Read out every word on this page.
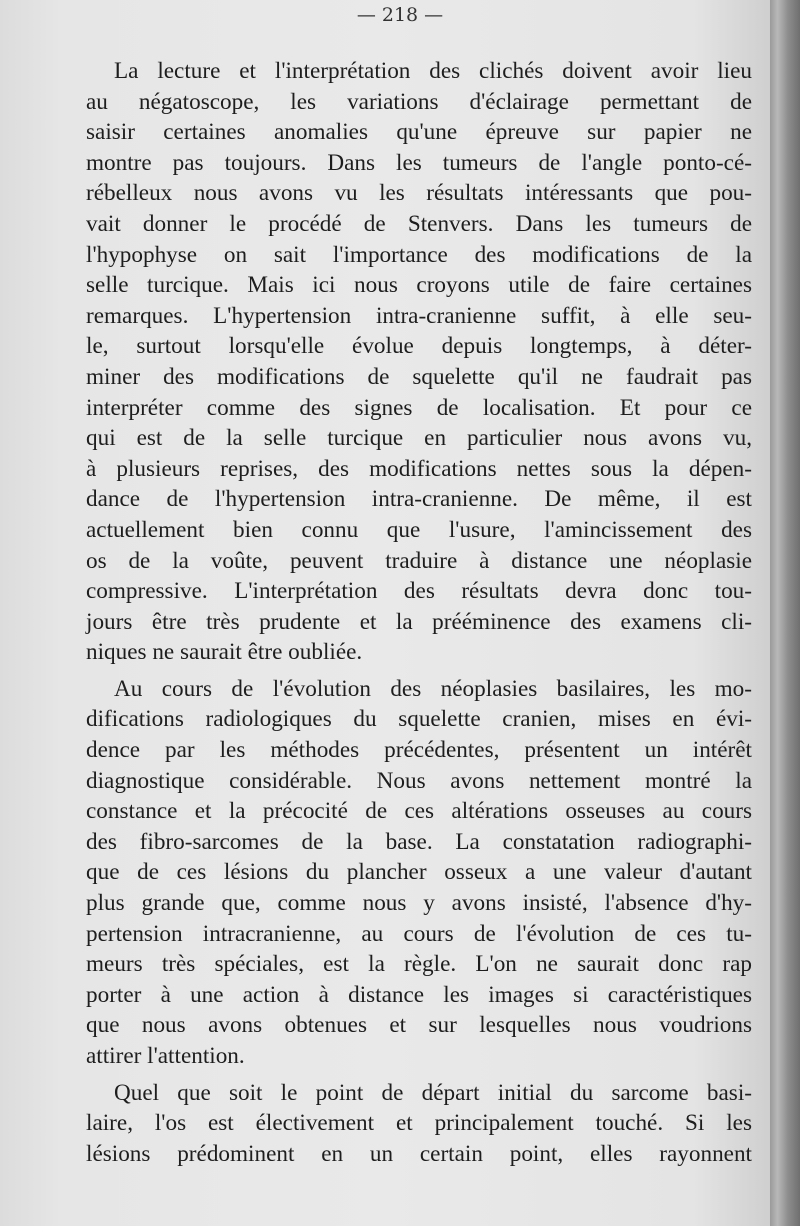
— 218 —

La lecture et l'interprétation des clichés doivent avoir lieu
au négatoscope, les variations d'éclairage permettant de
saisir certaines anomalies qu'une épreuve sur papier ne
montre pas toujours. Dans les tumeurs de l'angle ponto-cé-
rébelleux nous avons vu les résultats intéressants que pou-
vait donner le procédé de Stenvers. Dans les tumeurs de
l'hypophyse on sait l'importance des modifications de la
selle turcique. Mais ici nous croyons utile de faire certaines
remarques. L'hypertension intra-cranienne suffit, à elle seu-
le, surtout lorsqu'elle évolue depuis longtemps, à déter-
miner des modifications de squelette qu'il ne faudrait pas
interpréter comme des signes de localisation. Et pour ce
qui est de la selle turcique en particulier nous avons vu,
à plusieurs reprises, des modifications nettes sous la dépen-
dance de l'hypertension intra-cranienne. De même, il est
actuellement bien connu que l'usure, l'amincissement des
os de la voûte, peuvent traduire à distance une néoplasie
compressive. L'interprétation des résultats devra donc tou-
jours être très prudente et la prééminence des examens cli-
niques ne saurait être oubliée.
Au cours de l'évolution des néoplasies basilaires, les mo-
difications radiologiques du squelette cranien, mises en évi-
dence par les méthodes précédentes, présentent un intérêt
diagnostique considérable. Nous avons nettement montré la
constance et la précocité de ces altérations osseuses au cours
des fibro-sarcomes de la base. La constatation radiographi-
que de ces lésions du plancher osseux a une valeur d'autant
plus grande que, comme nous y avons insisté, l'absence d'hy-
pertension intracranienne, au cours de l'évolution de ces tu-
meurs très spéciales, est la règle. L'on ne saurait donc rap
porter à une action à distance les images si caractéristiques
que nous avons obtenues et sur lesquelles nous voudrions
attirer l'attention.
Quel que soit le point de départ initial du sarcome basi-
laire, l'os est électivement et principalement touché. Si les
lésions prédominent en un certain point, elles rayonnent
